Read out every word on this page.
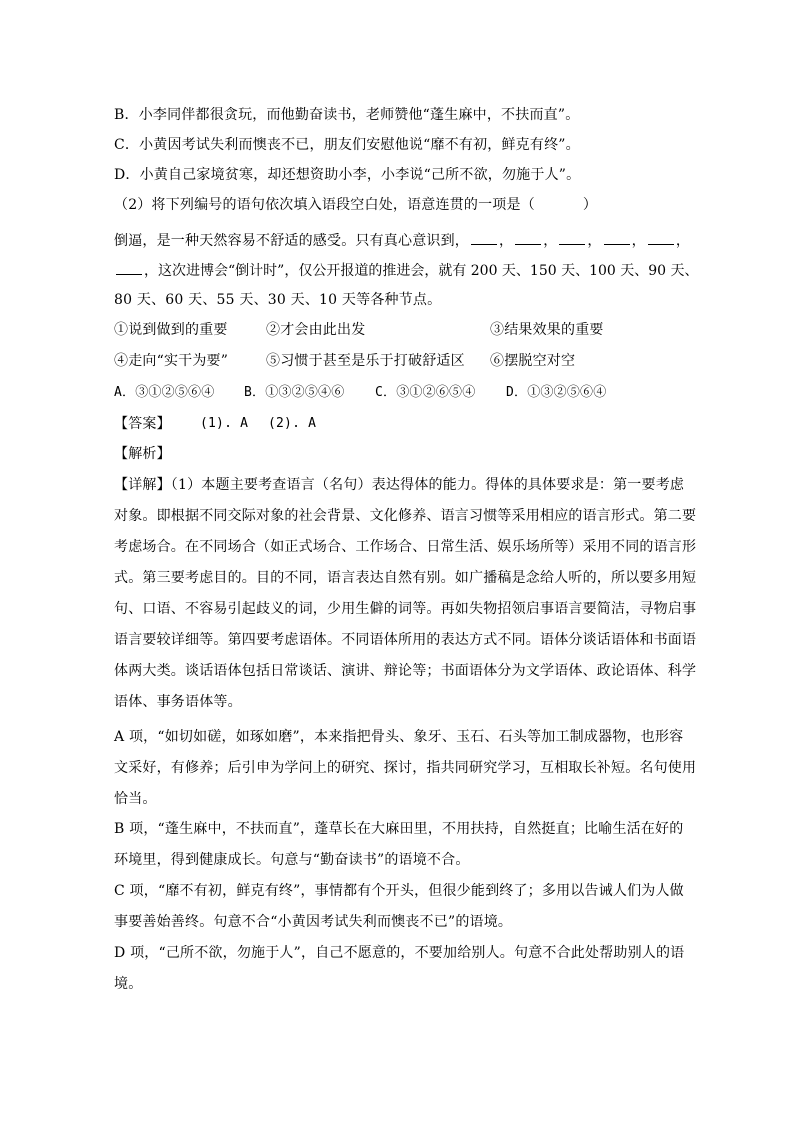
B．小李同伴都很贪玩，而他勤奋读书，老师赞他“蓬生麻中，不扶而直”。
C．小黄因考试失利而懊丧不已，朋友们安慰他说“靡不有初，鲜克有终”。
D．小黄自己家境贫寒，却还想资助小李，小李说“己所不欲，勿施于人”。
（2）将下列编号的语句依次填入语段空白处，语意连贯的一项是（	）
倒逼，是一种天然容易不舒适的感受。只有真心意识到， ， ， ， ， ，
，这次进博会“倒计时”，仅公开报道的推进会，就有 200 天、150 天、100 天、90 天、
80 天、60 天、55 天、30 天、10 天等各种节点。
①说到做到的重要	②才会由此出发	③结果效果的重要
④走向“实干为要”	⑤习惯于甚至是乐于打破舒适区 ⑥摆脱空对空
A．③①②⑤⑥④ B．①③②⑤④⑥ C．③①②⑥⑤④ D．①③②⑤⑥④
【答案】 (1). A (2). A
【解析】
【详解】（1）本题主要考查语言（名句）表达得体的能力。得体的具体要求是：第一要考虑
对象。即根据不同交际对象的社会背景、文化修养、语言习惯等采用相应的语言形式。第二要
考虑场合。在不同场合（如正式场合、工作场合、日常生活、娱乐场所等）采用不同的语言形
式。第三要考虑目的。目的不同，语言表达自然有别。如广播稿是念给人听的，所以要多用短
句、口语、不容易引起歧义的词，少用生僻的词等。再如失物招领启事语言要简洁，寻物启事
语言要较详细等。第四要考虑语体。不同语体所用的表达方式不同。语体分谈话语体和书面语
体两大类。谈话语体包括日常谈话、演讲、辩论等；书面语体分为文学语体、政论语体、科学
语体、事务语体等。
A 项，“如切如磋，如琢如磨”，本来指把骨头、象牙、玉石、石头等加工制成器物，也形容
文采好，有修养；后引申为学问上的研究、探讨，指共同研究学习，互相取长补短。名句使用
恰当。
B 项，“蓬生麻中，不扶而直”，蓬草长在大麻田里，不用扶持，自然挺直；比喻生活在好的
环境里，得到健康成长。句意与“勤奋读书”的语境不合。
C 项，“靡不有初，鲜克有终”，事情都有个开头，但很少能到终了；多用以告诫人们为人做
事要善始善终。句意不合“小黄因考试失利而懊丧不已”的语境。
D 项，“己所不欲，勿施于人”，自己不愿意的，不要加给别人。句意不合此处帮助别人的语
境。
